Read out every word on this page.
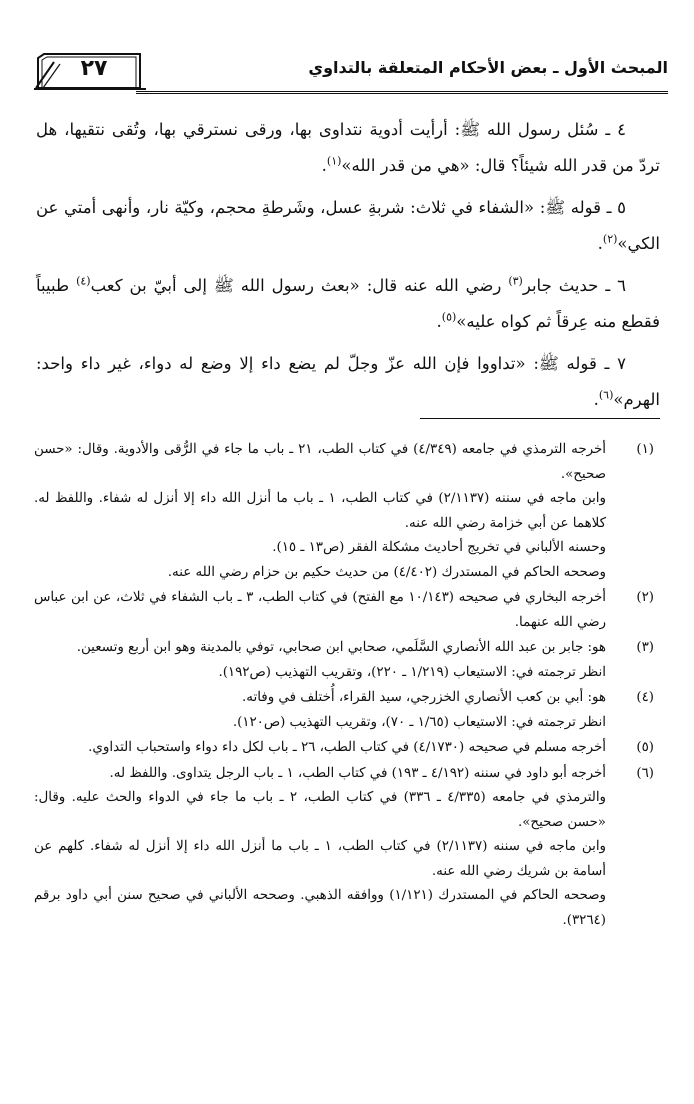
المبحث الأول ـ بعض الأحكام المتعلقة بالتداوي
٢٧

٤ ـ سُئل رسول الله ﷺ: أرأيت أدوية نتداوى بها، ورقى نسترقي بها، وتُقى نتقيها، هل تردّ من قدر الله شيئاً؟ قال: «هي من قدر الله»$^{(١)}$.

٥ ـ قوله ﷺ: «الشفاء في ثلاث: شربةِ عسل، وشَرطةِ محجم، وكيّة نار، وأنهى أمتي عن الكي»$^{(٢)}$.

٦ ـ حديث جابر$^{(٣)}$ رضي الله عنه قال: «بعث رسول الله ﷺ إلى أبيّ بن كعب$^{(٤)}$ طبيباً فقطع منه عِرقاً ثم كواه عليه»$^{(٥)}$.

٧ ـ قوله ﷺ: «تداووا فإن الله عزّ وجلّ لم يضع داء إلا وضع له دواء، غير داء واحد: الهرم»$^{(٦)}$.

(١)
أخرجه الترمذي في جامعه (٤/٣٤٩) في كتاب الطب، ٢١ ـ باب ما جاء في الرُّقى والأدوية. وقال: «حسن صحيح».
وابن ماجه في سننه (٢/١١٣٧) في كتاب الطب، ١ ـ باب ما أنزل الله داء إلا أنزل له شفاء. واللفظ له. كلاهما عن أبي خزامة رضي الله عنه.
وحسنه الألباني في تخريج أحاديث مشكلة الفقر (ص١٣ ـ ١٥).
وصححه الحاكم في المستدرك (٤/٤٠٢) من حديث حكيم بن حزام رضي الله عنه.
(٢)
أخرجه البخاري في صحيحه (١٠/١٤٣ مع الفتح) في كتاب الطب، ٣ ـ باب الشفاء في ثلاث، عن ابن عباس رضي الله عنهما.
(٣)
هو: جابر بن عبد الله الأنصاري السَّلَمي، صحابي ابن صحابي، توفي بالمدينة وهو ابن أربع وتسعين.
انظر ترجمته في: الاستيعاب (١/٢١٩ ـ ٢٢٠)، وتقريب التهذيب (ص١٩٢).
(٤)
هو: أبي بن كعب الأنصاري الخزرجي، سيد القراء، أُختلف في وفاته.
انظر ترجمته في: الاستيعاب (١/٦٥ ـ ٧٠)، وتقريب التهذيب (ص١٢٠).
(٥)
أخرجه مسلم في صحيحه (٤/١٧٣٠) في كتاب الطب، ٢٦ ـ باب لكل داء دواء واستحباب التداوي.
(٦)
أخرجه أبو داود في سننه (٤/١٩٢ ـ ١٩٣) في كتاب الطب، ١ ـ باب الرجل يتداوى. واللفظ له.
والترمذي في جامعه (٤/٣٣٥ ـ ٣٣٦) في كتاب الطب، ٢ ـ باب ما جاء في الدواء والحث عليه. وقال: «حسن صحيح».
وابن ماجه في سننه (٢/١١٣٧) في كتاب الطب، ١ ـ باب ما أنزل الله داء إلا أنزل له شفاء. كلهم عن أسامة بن شريك رضي الله عنه.
وصححه الحاكم في المستدرك (١/١٢١) ووافقه الذهبي. وصححه الألباني في صحيح سنن أبي داود برقم (٣٢٦٤).
